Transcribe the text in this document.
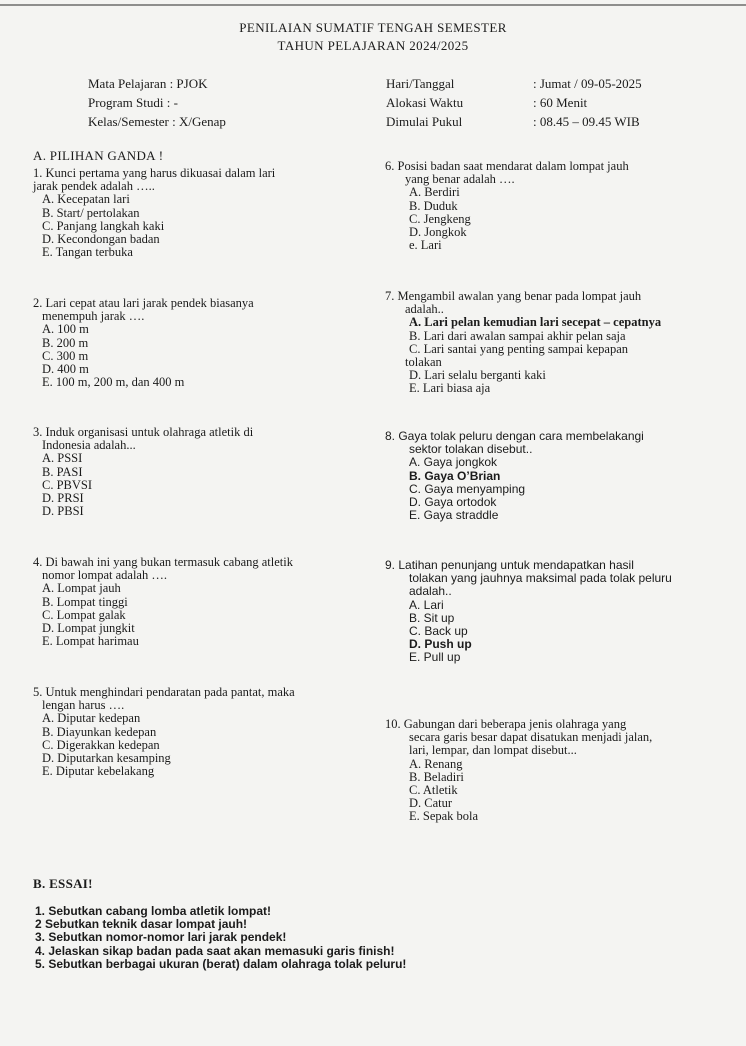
PENILAIAN SUMATIF TENGAH SEMESTER
TAHUN PELAJARAN 2024/2025
Mata Pelajaran : PJOK
Program Studi : -
Kelas/Semester : X/Genap
Hari/Tanggal
Alokasi Waktu
Dimulai Pukul
: Jumat / 09-05-2025
: 60 Menit
: 08.45 – 09.45 WIB
A. PILIHAN GANDA !
1. Kunci pertama yang harus dikuasai dalam lari
jarak pendek adalah …..
A. Kecepatan lari
B. Start/ pertolakan
C. Panjang langkah kaki
D. Kecondongan badan
E. Tangan terbuka
2. Lari cepat atau lari jarak pendek biasanya
menempuh jarak ….
A. 100 m
B. 200 m
C. 300 m
D. 400 m
E. 100 m, 200 m, dan 400 m
3. Induk organisasi untuk olahraga atletik di
Indonesia adalah...
A. PSSI
B. PASI
C. PBVSI
D. PRSI
D. PBSI
4. Di bawah ini yang bukan termasuk cabang atletik
nomor lompat adalah ….
A. Lompat jauh
B. Lompat tinggi
C. Lompat galak
D. Lompat jungkit
E. Lompat harimau
5. Untuk menghindari pendaratan pada pantat, maka
lengan harus ….
A. Diputar kedepan
B. Diayunkan kedepan
C. Digerakkan kedepan
D. Diputarkan kesamping
E. Diputar kebelakang
6. Posisi badan saat mendarat dalam lompat jauh
yang benar adalah ….
A. Berdiri
B. Duduk
C. Jengkeng
D. Jongkok
e. Lari
7. Mengambil awalan yang benar pada lompat jauh
adalah..
A. Lari pelan kemudian lari secepat – cepatnya
B. Lari dari awalan sampai akhir pelan saja
C. Lari santai yang penting sampai kepapan
tolakan
D. Lari selalu berganti kaki
E. Lari biasa aja
8. Gaya tolak peluru dengan cara membelakangi
sektor tolakan disebut..
A. Gaya jongkok
B. Gaya O’Brian
C. Gaya menyamping
D. Gaya ortodok
E. Gaya straddle
9. Latihan penunjang untuk mendapatkan hasil
tolakan yang jauhnya maksimal pada tolak peluru
adalah..
A. Lari
B. Sit up
C. Back up
D. Push up
E. Pull up
10. Gabungan dari beberapa jenis olahraga yang
secara garis besar dapat disatukan menjadi jalan,
lari, lempar, dan lompat disebut...
A. Renang
B. Beladiri
C. Atletik
D. Catur
E. Sepak bola
B. ESSAI!
1. Sebutkan cabang lomba atletik lompat!
2 Sebutkan teknik dasar lompat jauh!
3. Sebutkan nomor-nomor lari jarak pendek!
4. Jelaskan sikap badan pada saat akan memasuki garis finish!
5. Sebutkan berbagai ukuran (berat) dalam olahraga tolak peluru!
